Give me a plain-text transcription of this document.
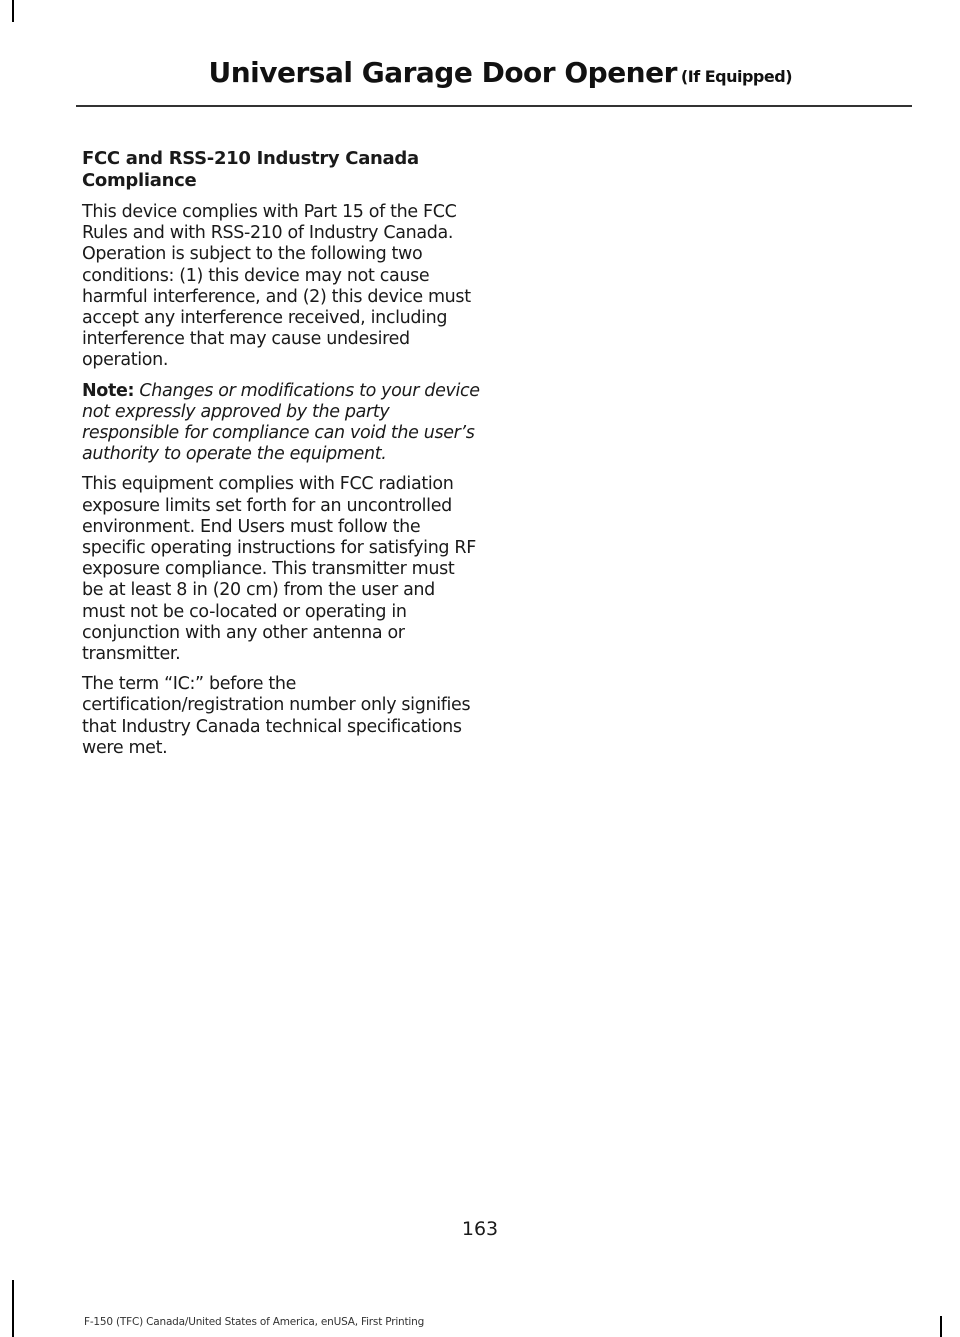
Universal Garage Door Opener (If Equipped)
FCC and RSS-210 Industry Canada Compliance

This device complies with Part 15 of the FCC Rules and with RSS-210 of Industry Canada. Operation is subject to the following two conditions: (1) this device may not cause harmful interference, and (2) this device must accept any interference received, including interference that may cause undesired operation.

Note: Changes or modifications to your device not expressly approved by the party responsible for compliance can void the user’s authority to operate the equipment.

This equipment complies with FCC radiation exposure limits set forth for an uncontrolled environment. End Users must follow the specific operating instructions for satisfying RF exposure compliance. This transmitter must be at least 8 in (20 cm) from the user and must not be co-located or operating in conjunction with any other antenna or transmitter.

The term “IC:” before the certification/registration number only signifies that Industry Canada technical specifications were met.

163
F-150 (TFC) Canada/United States of America, enUSA, First Printing
